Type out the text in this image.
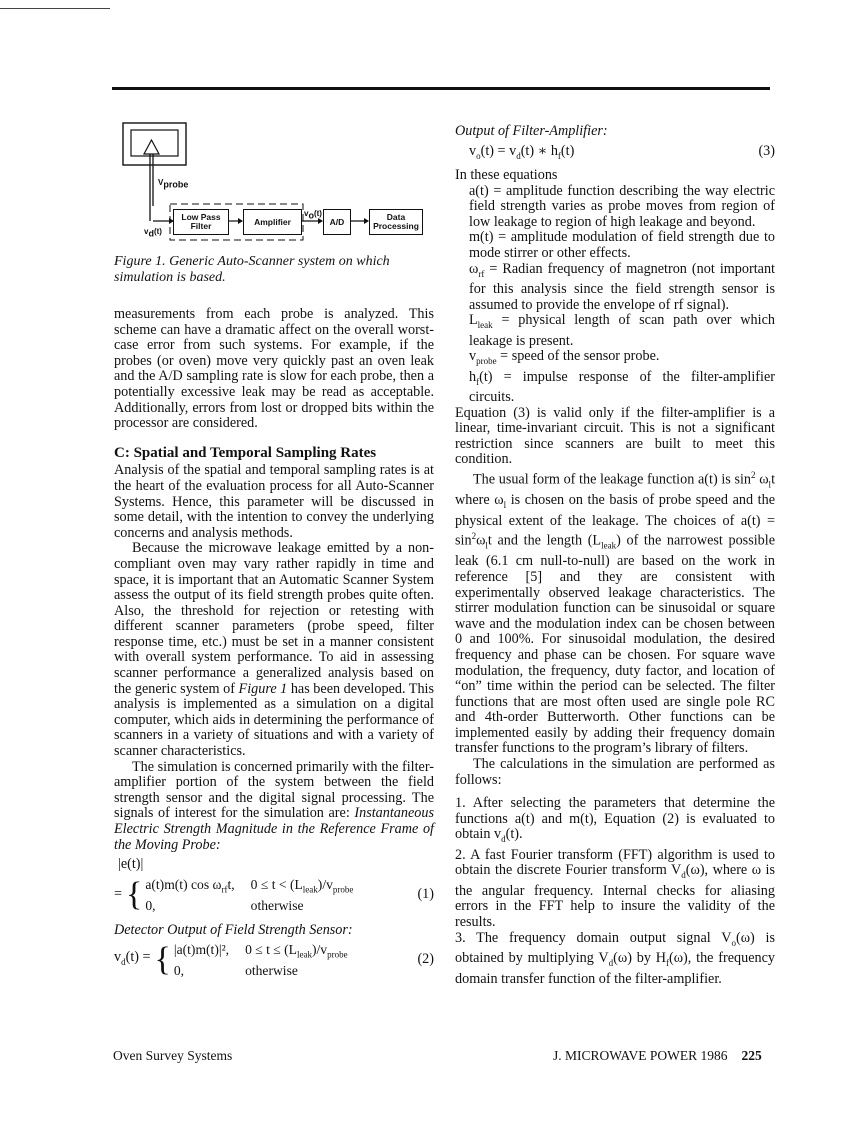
$V_{probe}$
$v_d(t)$
$v_o(t)$
Low Pass Filter	Amplifier	A/D	Data Processing

Figure 1. Generic Auto-Scanner system on which simulation is based.

measurements from each probe is analyzed. This scheme can have a dramatic affect on the overall worst-case error from such systems. For example, if the probes (or oven) move very quickly past an oven leak and the A/D sampling rate is slow for each probe, then a potentially excessive leak may be read as acceptable. Additionally, errors from lost or dropped bits within the processor are considered.

C: Spatial and Temporal Sampling Rates

Analysis of the spatial and temporal sampling rates is at the heart of the evaluation process for all Auto-Scanner Systems. Hence, this parameter will be discussed in some detail, with the intention to convey the underlying concerns and analysis methods.

Because the microwave leakage emitted by a non-compliant oven may vary rather rapidly in time and space, it is important that an Automatic Scanner System assess the output of its field strength probes quite often. Also, the threshold for rejection or retesting with different scanner parameters (probe speed, filter response time, etc.) must be set in a manner consistent with overall system performance. To aid in assessing scanner performance a generalized analysis based on the generic system of Figure 1 has been developed. This analysis is implemented as a simulation on a digital computer, which aids in determining the performance of scanners in a variety of situations and with a variety of scanner characteristics.

The simulation is concerned primarily with the filter-amplifier portion of the system between the field strength sensor and the digital signal processing. The signals of interest for the simulation are: Instantaneous Electric Strength Magnitude in the Reference Frame of the Moving Probe:

|e(t)|
= { a(t)m(t) $\cos \omega_{rf}t$, $0 \le t < (L_{leak})/v_{probe}$
0,	otherwise
(1)

Detector Output of Field Strength Sensor:

$v_d(t)$ = { |a(t)m(t)|², $0 \le t \le (L_{leak})/v_{probe}$
0,	otherwise
(2)

Output of Filter-Amplifier:

$v_o(t) = v_d(t)$ ∗ $h_f(t)$	(3)

In these equations

a(t) = amplitude function describing the way electric field strength varies as probe moves from region of low leakage to region of high leakage and beyond.

m(t) = amplitude modulation of field strength due to mode stirrer or other effects.

$\omega_{rf}$ = Radian frequency of magnetron (not important for this analysis since the field strength sensor is assumed to provide the envelope of rf signal).

$L_{leak}$ = physical length of scan path over which leakage is present.

$v_{probe}$ = speed of the sensor probe.

$h_f(t)$ = impulse response of the filter-amplifier circuits.

Equation (3) is valid only if the filter-amplifier is a linear, time-invariant circuit. This is not a significant restriction since scanners are built to meet this condition.

The usual form of the leakage function a(t) is $\sin^2 \omega_lt$ where $\omega_l$ is chosen on the basis of probe speed and the physical extent of the leakage. The choices of $a(t) = \sin^2\omega_lt$ and the length $(L_{leak})$ of the narrowest possible leak (6.1 cm null-to-null) are based on the work in reference [5] and they are consistent with experimentally observed leakage characteristics. The stirrer modulation function can be sinusoidal or square wave and the modulation index can be chosen between 0 and 100%. For sinusoidal modulation, the desired frequency and phase can be chosen. For square wave modulation, the frequency, duty factor, and location of “on” time within the period can be selected. The filter functions that are most often used are single pole RC and 4th-order Butterworth. Other functions can be implemented easily by adding their frequency domain transfer functions to the program’s library of filters.

The calculations in the simulation are performed as follows:

1. After selecting the parameters that determine the functions a(t) and m(t), Equation (2) is evaluated to obtain $v_d(t)$.

2. A fast Fourier transform (FFT) algorithm is used to obtain the discrete Fourier transform $V_d(\omega)$, where ω is the angular frequency. Internal checks for aliasing errors in the FFT help to insure the validity of the results.

3. The frequency domain output signal $V_o(\omega)$ is obtained by multiplying $V_d(\omega)$ by $H_f(\omega)$, the frequency domain transfer function of the filter-amplifier.

Oven Survey Systems	J. MICROWAVE POWER 1986 225
